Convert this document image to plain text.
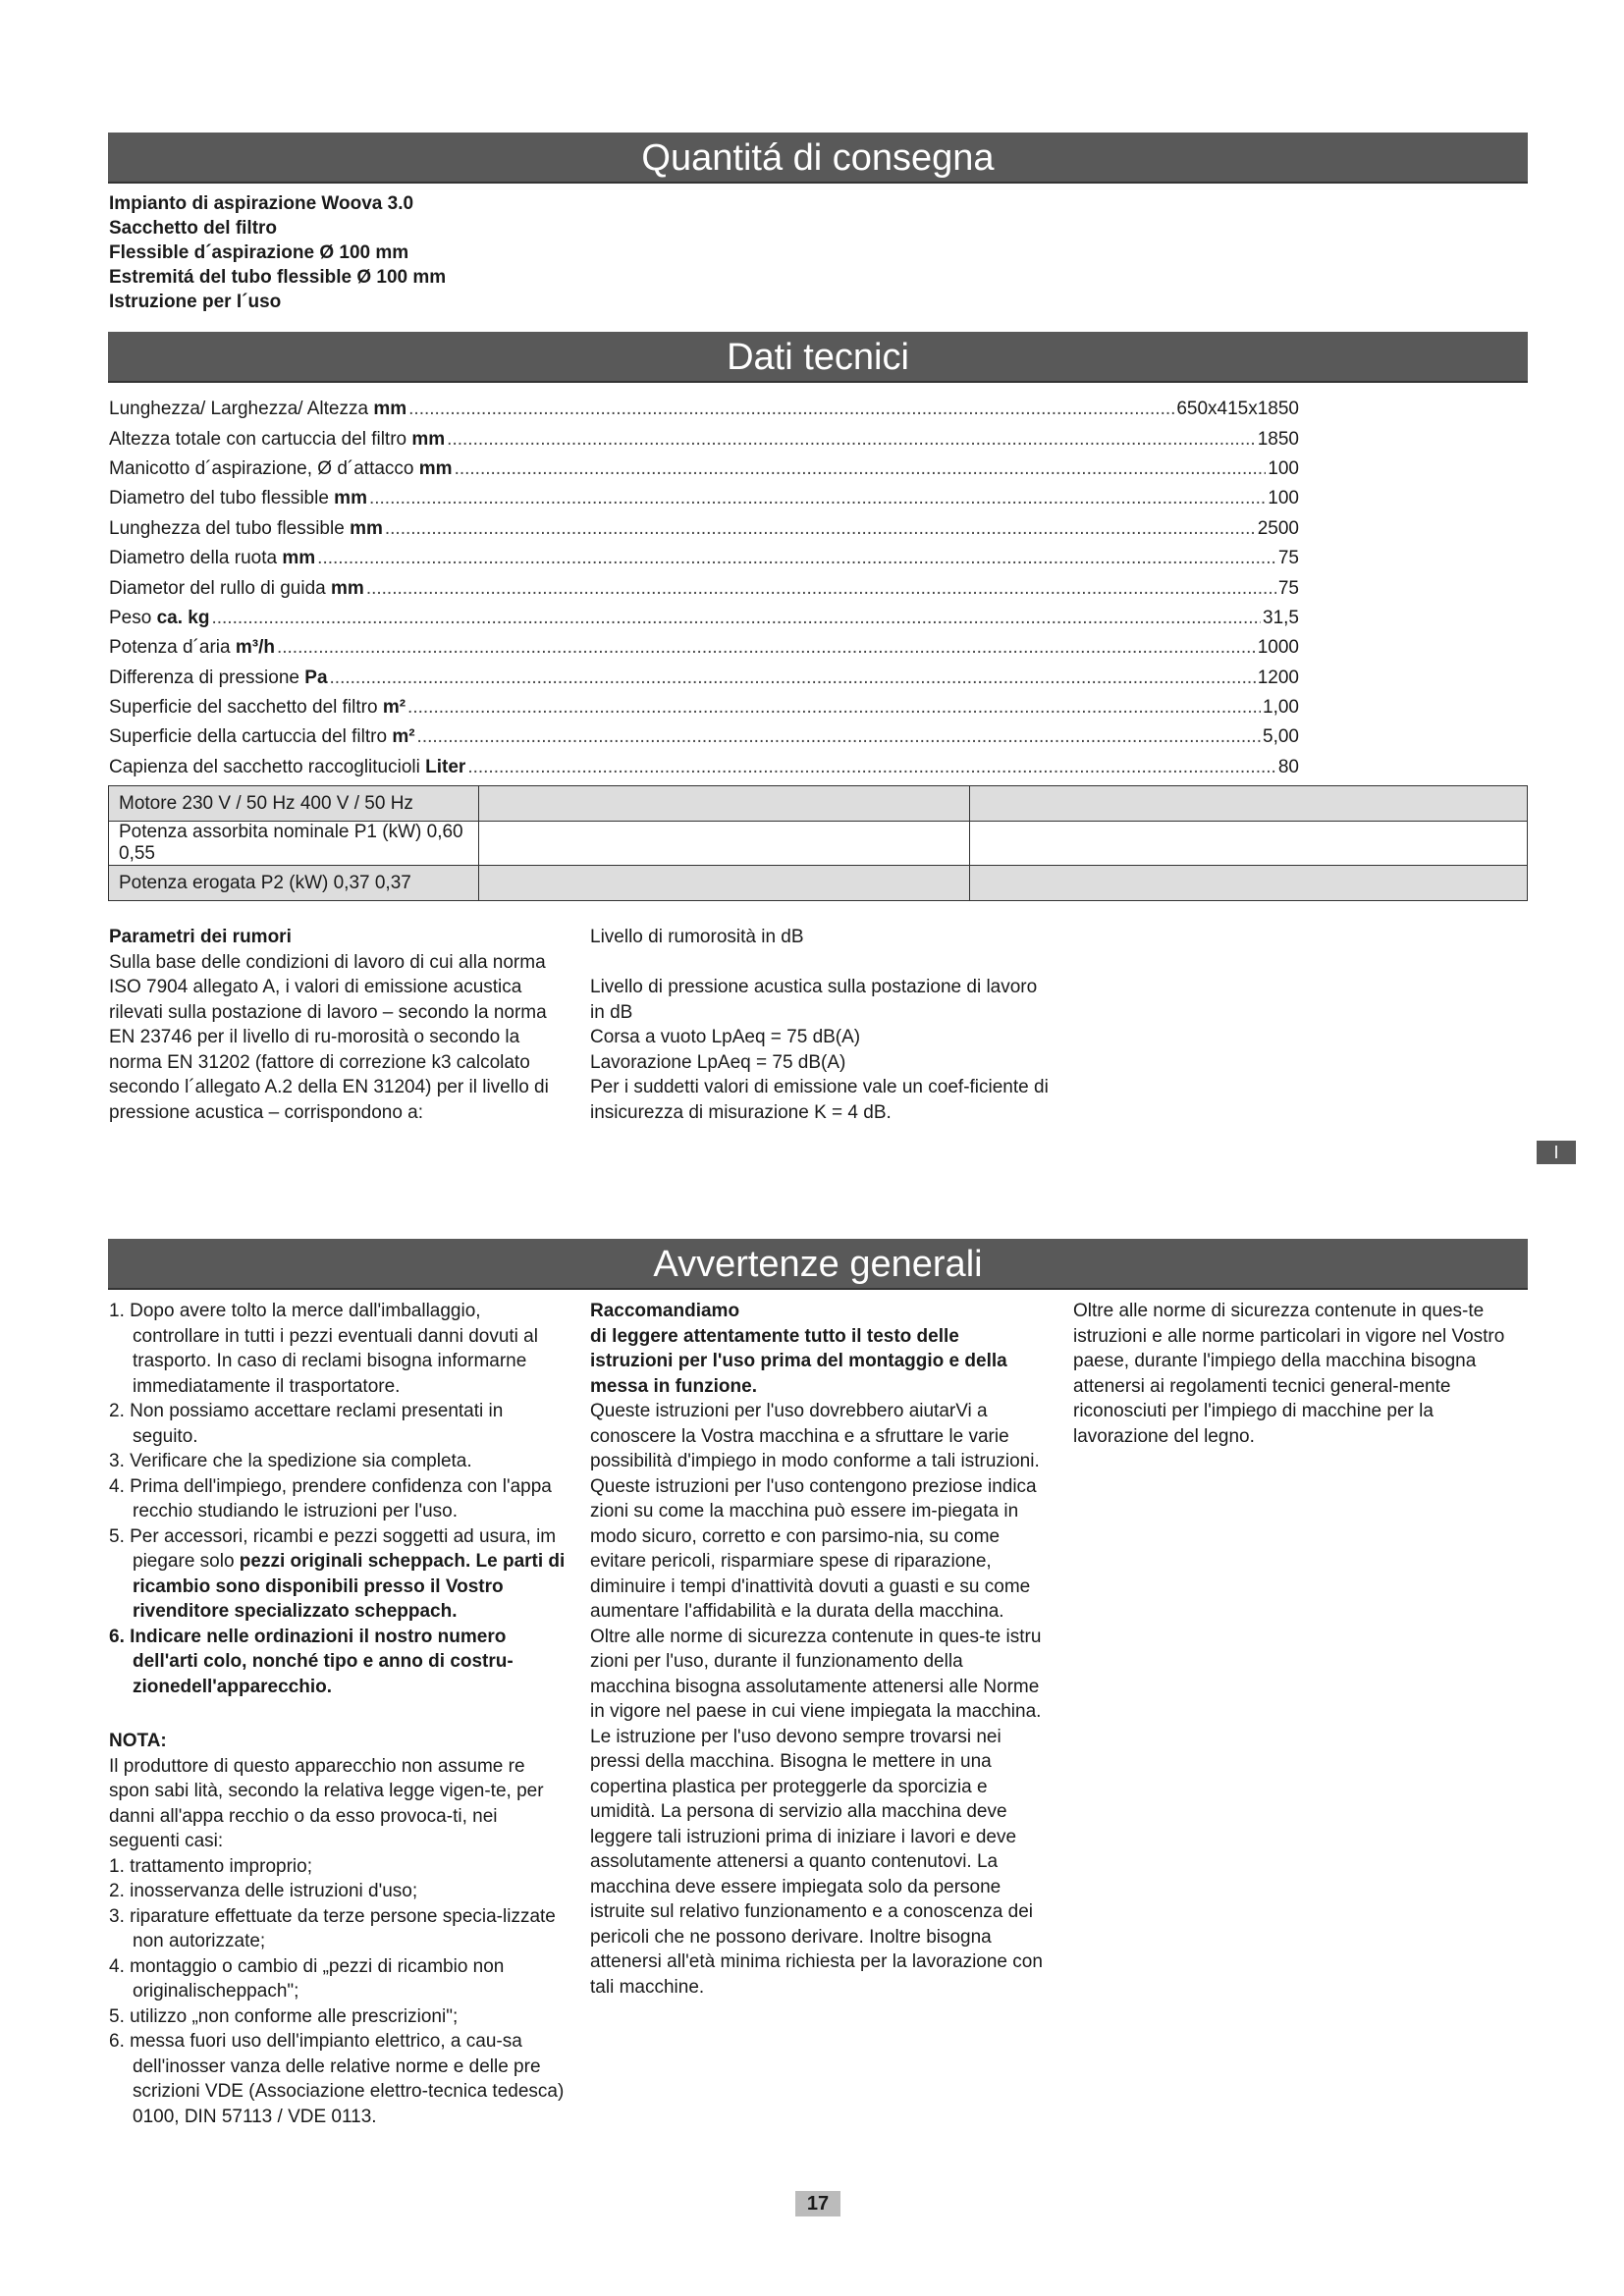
Quantitá di consegna
Impianto di aspirazione Woova 3.0
Sacchetto del filtro
Flessible d´aspirazione Ø 100 mm
Estremitá del tubo flessible Ø 100 mm
Istruzione per I´uso
Dati tecnici
Lunghezza/ Larghezza/ Altezza mm .....	650x415x1850
Altezza totale con cartuccia del filtro mm .....	1850
Manicotto d´aspirazione, Ø d´attacco mm .....	100
Diametro del tubo flessible mm .....	100
Lunghezza del tubo flessible mm .....	2500
Diametro della ruota mm .....	75
Diametor del rullo di guida mm .....	75
Peso ca. kg .....	31,5
Potenza d´aria m³/h .....	1000
Differenza di pressione Pa .....	1200
Superficie del sacchetto del filtro m² .....	1,00
Superficie della cartuccia del filtro m² .....	5,00
Capienza del sacchetto raccoglitucioli Liter .....	80
Motore 230 V / 50 Hz 400 V / 50 Hz		
Potenza assorbita nominale P1 (kW) 0,60 0,55		
Potenza erogata P2 (kW) 0,37 0,37		

Parametri dei rumori

Sulla base delle condizioni di lavoro di cui alla norma ISO 7904 allegato A, i valori di emissione acustica rilevati sulla postazione di lavoro – secondo la norma EN 23746 per il livello di ru-morosità o secondo la norma EN 31202 (fattore di correzione k3 calcolato secondo l´allegato A.2 della EN 31204) per il livello di pressione acustica – corrispondono a:

Livello di rumorosità in dB

Livello di pressione acustica sulla postazione di lavoro in dB

Corsa a vuoto LpAeq = 75 dB(A)

Lavorazione LpAeq = 75 dB(A)

Per i suddetti valori di emissione vale un coef-ficiente di insicurezza di misurazione K = 4 dB.

I
Avvertenze generali

1. Dopo avere tolto la merce dall'imballaggio, controllare in tutti i pezzi eventuali danni dovuti al trasporto. In caso di reclami bisogna informarne immediatamente il trasportatore.

2. Non possiamo accettare reclami presentati in seguito.

3. Verificare che la spedizione sia completa.

4. Prima dell'impiego, prendere confidenza con l'appa recchio studiando le istruzioni per l'uso.

5. Per accessori, ricambi e pezzi soggetti ad usura, im piegare solo pezzi originali scheppach. Le parti di ricambio sono disponibili presso il Vostro rivenditore specializzato scheppach.

6. Indicare nelle ordinazioni il nostro numero dell'arti colo, nonché tipo e anno di costru-zionedell'apparecchio.

NOTA:

Il produttore di questo apparecchio non assume re spon sabi lità, secondo la relativa legge vigen-te, per danni all'appa recchio o da esso provoca-ti, nei seguenti casi:

1. trattamento improprio;

2. inosservanza delle istruzioni d'uso;

3. riparature effettuate da terze persone specia-lizzate non autorizzate;

4. montaggio o cambio di „pezzi di ricambio non originalischeppach";

5. utilizzo „non conforme alle prescrizioni";

6. messa fuori uso dell'impianto elettrico, a cau-sa dell'inosser vanza delle relative norme e delle pre scrizioni VDE (Associazione elettro-tecnica tedesca) 0100, DIN 57113 / VDE 0113.

Raccomandiamo

di leggere attentamente tutto il testo delle istruzioni per l'uso prima del montaggio e della messa in funzione.

Queste istruzioni per l'uso dovrebbero aiutarVi a conoscere la Vostra macchina e a sfruttare le varie possibilità d'impiego in modo conforme a tali istruzioni.

Queste istruzioni per l'uso contengono preziose indica zioni su come la macchina può essere im-piegata in modo sicuro, corretto e con parsimo-nia, su come evitare pericoli, risparmiare spese di riparazione, diminuire i tempi d'inattività dovuti a guasti e su come aumentare l'affidabilità e la durata della macchina.

Oltre alle norme di sicurezza contenute in ques-te istru zioni per l'uso, durante il funzionamento della macchina bisogna assolutamente attenersi alle Norme in vigore nel paese in cui viene impiegata la macchina.

Le istruzione per l'uso devono sempre trovarsi nei pressi della macchina. Bisogna le mettere in una copertina plastica per proteggerle da sporcizia e umidità. La persona di servizio alla macchina deve leggere tali istruzioni prima di iniziare i lavori e deve assolutamente attenersi a quanto contenutovi. La macchina deve essere impiegata solo da persone istruite sul relativo funzionamento e a conoscenza dei pericoli che ne possono derivare. Inoltre bisogna attenersi all'età minima richiesta per la lavorazione con tali macchine.

Oltre alle norme di sicurezza contenute in ques-te istruzioni e alle norme particolari in vigore nel Vostro paese, durante l'impiego della macchina bisogna attenersi ai regolamenti tecnici general-mente riconosciuti per l'impiego di macchine per la lavorazione del legno.

17
